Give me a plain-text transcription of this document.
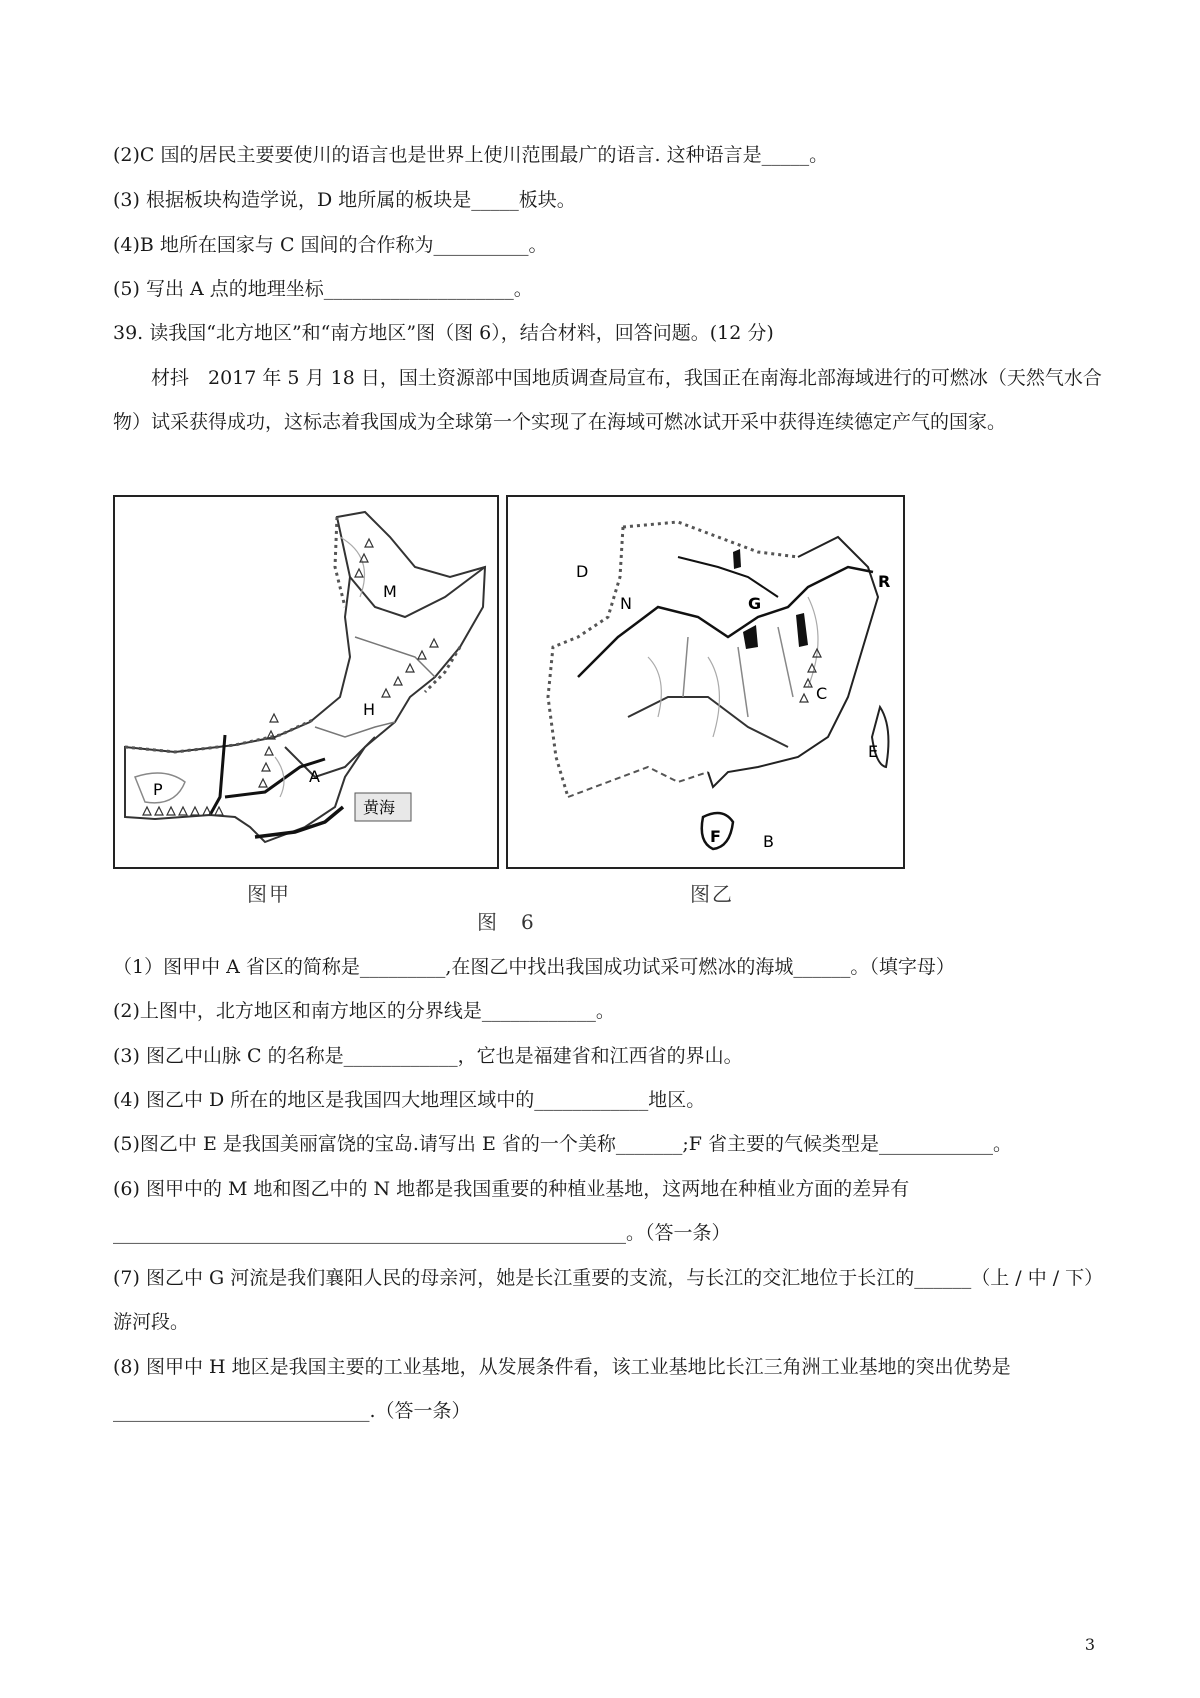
(2)C 国的居民主要要使川的语言也是世界上使川范围最广的语言. 这种语言是_____。
(3) 根据板块构造学说，D 地所属的板块是_____板块。
(4)B 地所在国家与 C 国间的合作称为__________。
(5) 写出 A 点的地理坐标____________________。
39. 读我国“北方地区”和“南方地区”图（图 6），结合材料，回答问题。(12 分)
材抖　2017 年 5 月 18 日，国土资源部中国地质调查局宣布，我国正在南海北部海域进行的可燃冰（天然气水合物）试采获得成功，这标志着我国成为全球第一个实现了在海域可燃冰试开采中获得连续德定产气的国家。
M
H
A
P
黄海
D
N	G
R
C
E
B
F
图甲	图乙
图　6
（1）图甲中 A 省区的简称是_________,在图乙中找出我国成功试采可燃冰的海城______。（填字母）
(2)上图中，北方地区和南方地区的分界线是____________。
(3) 图乙中山脉 C 的名称是____________，它也是福建省和江西省的界山。
(4) 图乙中 D 所在的地区是我国四大地理区域中的____________地区。
(5)图乙中 E 是我国美丽富饶的宝岛.请写出 E 省的一个美称_______;F 省主要的气候类型是____________。
(6) 图甲中的 M 地和图乙中的 N 地都是我国重要的种植业基地，这两地在种植业方面的差异有
______________________________________________________。（答一条）
(7) 图乙中 G 河流是我们襄阳人民的母亲河，她是长江重要的支流，与长江的交汇地位于长江的______（上 / 中 / 下）游河段。
(8) 图甲中 H 地区是我国主要的工业基地，从发展条件看，该工业基地比长江三角洲工业基地的突出优势是___________________________.（答一条）
3
